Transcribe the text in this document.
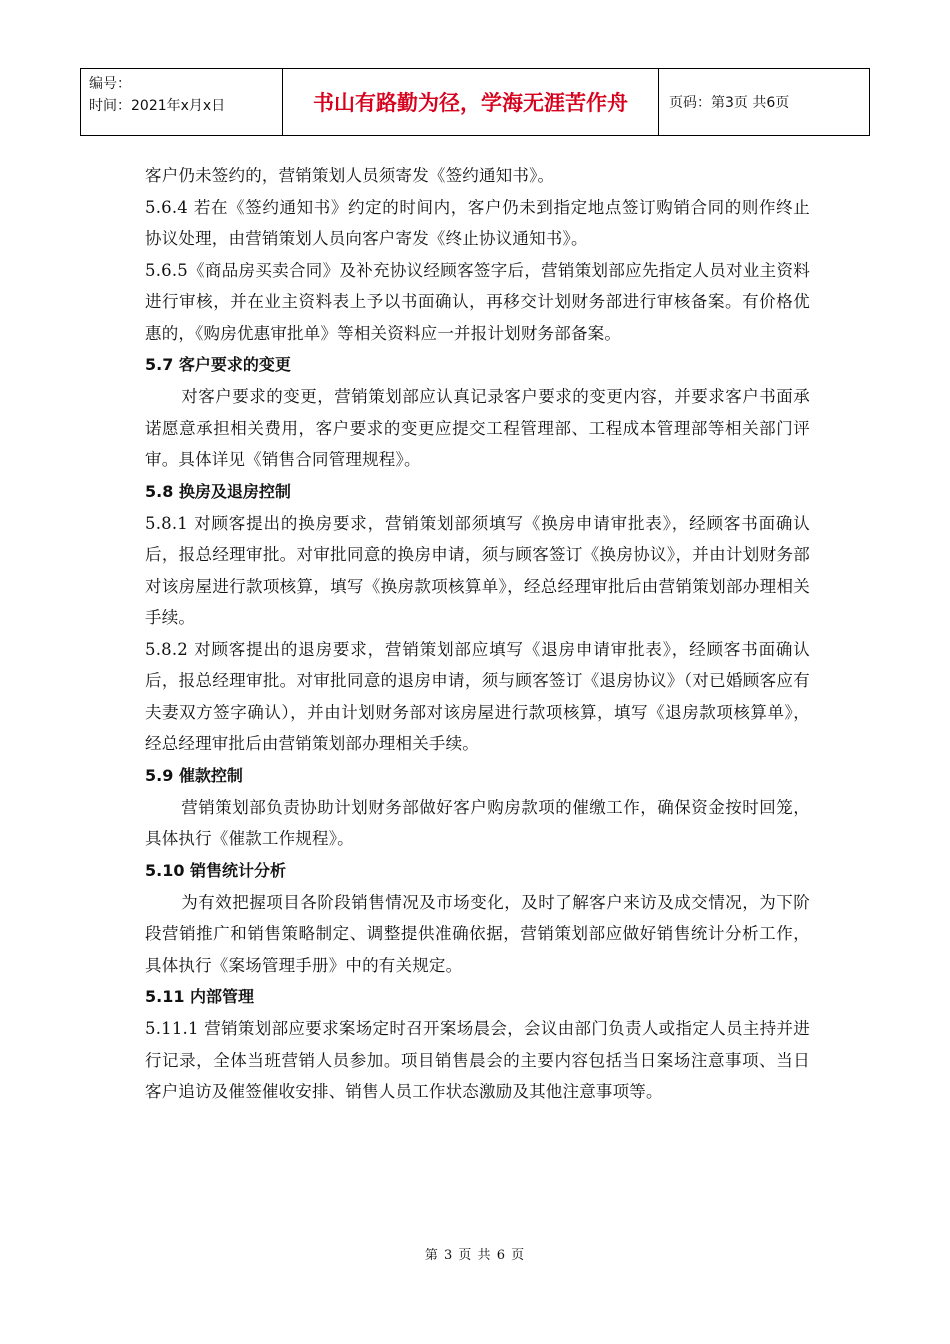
编号：
时间：2021年x月x日	书山有路勤为径，学海无涯苦作舟	页码：第3页 共6页

客户仍未签约的，营销策划人员须寄发《签约通知书》。

5.6.4 若在《签约通知书》约定的时间内，客户仍未到指定地点签订购销合同的则作终止协议处理，由营销策划人员向客户寄发《终止协议通知书》。

5.6.5《商品房买卖合同》及补充协议经顾客签字后，营销策划部应先指定人员对业主资料进行审核，并在业主资料表上予以书面确认，再移交计划财务部进行审核备案。有价格优惠的，《购房优惠审批单》等相关资料应一并报计划财务部备案。

5.7 客户要求的变更

对客户要求的变更，营销策划部应认真记录客户要求的变更内容，并要求客户书面承诺愿意承担相关费用，客户要求的变更应提交工程管理部、工程成本管理部等相关部门评审。具体详见《销售合同管理规程》。

5.8 换房及退房控制

5.8.1 对顾客提出的换房要求，营销策划部须填写《换房申请审批表》，经顾客书面确认后，报总经理审批。对审批同意的换房申请，须与顾客签订《换房协议》，并由计划财务部对该房屋进行款项核算，填写《换房款项核算单》，经总经理审批后由营销策划部办理相关手续。

5.8.2 对顾客提出的退房要求，营销策划部应填写《退房申请审批表》，经顾客书面确认后，报总经理审批。对审批同意的退房申请，须与顾客签订《退房协议》（对已婚顾客应有夫妻双方签字确认），并由计划财务部对该房屋进行款项核算，填写《退房款项核算单》，经总经理审批后由营销策划部办理相关手续。

5.9 催款控制

营销策划部负责协助计划财务部做好客户购房款项的催缴工作，确保资金按时回笼，具体执行《催款工作规程》。

5.10 销售统计分析

为有效把握项目各阶段销售情况及市场变化，及时了解客户来访及成交情况，为下阶段营销推广和销售策略制定、调整提供准确依据，营销策划部应做好销售统计分析工作，具体执行《案场管理手册》中的有关规定。

5.11 内部管理

5.11.1 营销策划部应要求案场定时召开案场晨会，会议由部门负责人或指定人员主持并进行记录，全体当班营销人员参加。项目销售晨会的主要内容包括当日案场注意事项、当日客户追访及催签催收安排、销售人员工作状态激励及其他注意事项等。

第 3 页 共 6 页
